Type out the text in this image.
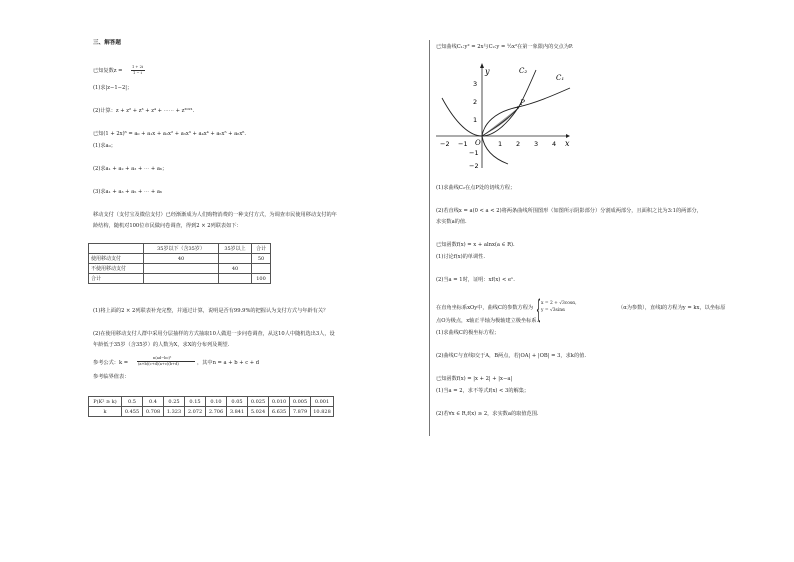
三、解答题
已知复数z =
1 + 2i
1 − i
(1)求|z−1−2|；
(2)计算：z + z² + z³ + z⁴ + ⋯⋯ + z²⁰²¹.
已知(1 + 2x)⁶ = a₀ + a₁x + a₂x² + a₃x³ + a₄x⁴ + a₅x⁵ + a₆x⁶.
(1)求a₀；
(2)求a₁ + a₂ + a₃ + ⋯ + a₆；
(3)求a₁ + a₃ + a₅ + ⋯ + a₆
移动支付（支付宝及微信支付）已经渐渐成为人们购物消费的一种支付方式，为调查市民使用移动支付的年
龄结构，随机对100位市民做问卷调查，得到2 × 2列联表如下：
	35岁以下（含35岁）	35岁以上	合计
使用移动支付	40		50
不使用移动支付		40	
合计			100
(1)将上面的2 × 2列联表补充完整，并通过计算，说明是否有99.9%的把握认为支付方式与年龄有关？
(2)在使用移动支付人群中采用分层抽样的方式抽取10人做进一步问卷调查，从这10人中随机选出3人，设
年龄低于35岁（含35岁）的人数为X，求X的分布列及期望.
参考公式：k =
n(ad−bc)²
(a+b)(c+d)(a+c)(b+d)	，其中n = a + b + c + d
参考临界值表：
P(K² ≥ k)	0.5	0.4	0.25	0.15	0.10	0.05	0.025	0.010	0.005	0.001
k	0.455	0.708	1.323	2.072	2.706	3.841	5.024	6.635	7.879	10.828
已知曲线C₁:y² = 2x与C₂:y = ½x²在第一象限内的交点为P.
y
x
O
P
C₂
C₁
−2 −1	1 2 3 4
3
2
1
−1
−2
(1)求曲线C₂在点P处的切线方程；
(2)若直线x = a(0 < a < 2)将两条曲线所围图形（如图所示阴影部分）分割成两部分，且面积之比为3:1的两部分，
求实数a的值.
已知函数f(x) = x + alnx(a ∈ R).
(1)讨论f(x)的单调性.
(2)当a = 1时，证明：xf(x) < eˣ.
在直角坐标系xOy中，曲线C的参数方程为 { x = 2 + √3cosα,
y = √3sinα	（α为参数），直线l的方程为y = kx，以坐标原
点O为极点，x轴正半轴为极轴建立极坐标系.
(1)求曲线C的极坐标方程；
(2)曲线C与直线l交于A，B两点，若|OA| + |OB| = 3，求k的值.
已知函数f(x) = |x + 2| + |x−a|
(1)当a = 2，求不等式f(x) < 3的解集；
(2)若∀x ∈ R,f(x) ≥ 2，求实数a的取值范围.
